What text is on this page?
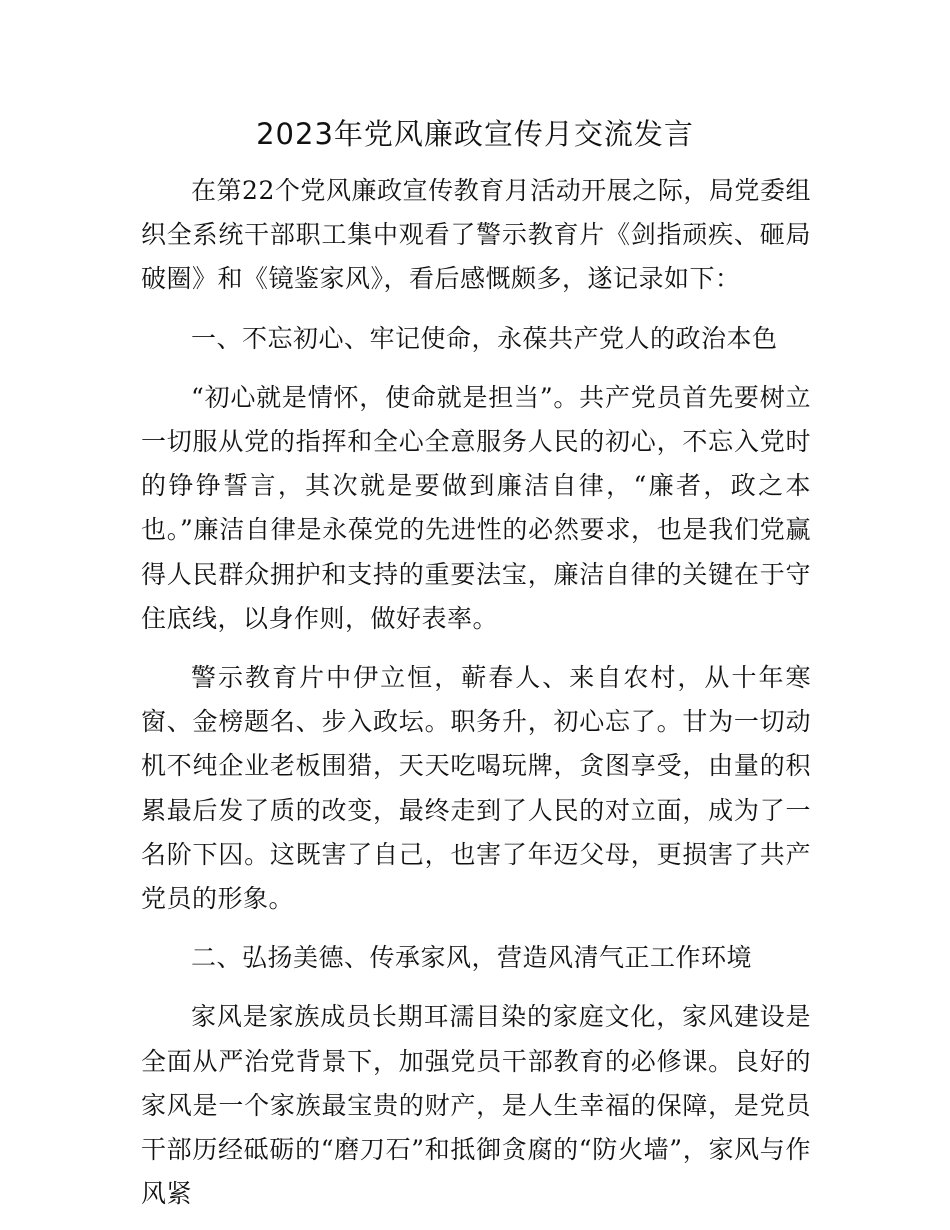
2023年党风廉政宣传月交流发言

在第22个党风廉政宣传教育月活动开展之际，局党委组织全系统干部职工集中观看了警示教育片《剑指顽疾、砸局破圈》和《镜鉴家风》，看后感慨颇多，遂记录如下：

一、不忘初心、牢记使命，永葆共产党人的政治本色

“初心就是情怀，使命就是担当”。共产党员首先要树立一切服从党的指挥和全心全意服务人民的初心，不忘入党时的铮铮誓言，其次就是要做到廉洁自律，“廉者，政之本也。”廉洁自律是永葆党的先进性的必然要求，也是我们党赢得人民群众拥护和支持的重要法宝，廉洁自律的关键在于守住底线，以身作则，做好表率。

警示教育片中伊立恒，蕲春人、来自农村，从十年寒窗、金榜题名、步入政坛。职务升，初心忘了。甘为一切动机不纯企业老板围猎，天天吃喝玩牌，贪图享受，由量的积累最后发了质的改变，最终走到了人民的对立面，成为了一名阶下囚。这既害了自己，也害了年迈父母，更损害了共产党员的形象。

二、弘扬美德、传承家风，营造风清气正工作环境

家风是家族成员长期耳濡目染的家庭文化，家风建设是全面从严治党背景下，加强党员干部教育的必修课。良好的家风是一个家族最宝贵的财产，是人生幸福的保障，是党员干部历经砥砺的“磨刀石”和抵御贪腐的“防火墙”，家风与作风紧
